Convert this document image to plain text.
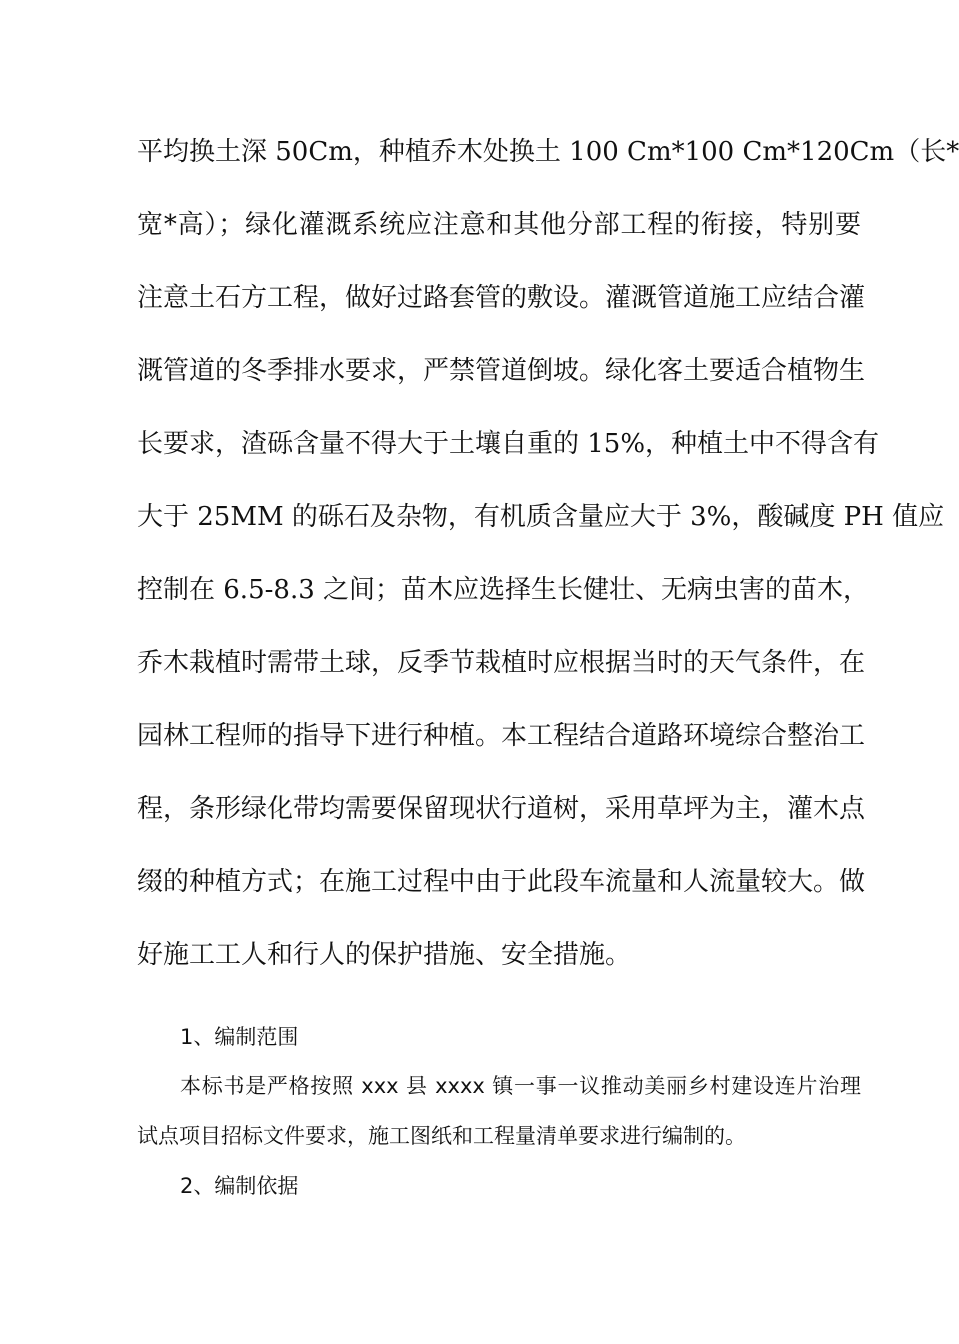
平均换土深 50Cm，种植乔木处换土 100 Cm*100 Cm*120Cm（长*
宽*高）；绿化灌溉系统应注意和其他分部工程的衔接，特别要
注意土石方工程，做好过路套管的敷设。灌溉管道施工应结合灌
溉管道的冬季排水要求，严禁管道倒坡。绿化客土要适合植物生
长要求，渣砾含量不得大于土壤自重的 15%，种植土中不得含有
大于 25MM 的砾石及杂物，有机质含量应大于 3%，酸碱度 PH 值应
控制在 6.5-8.3 之间；苗木应选择生长健壮、无病虫害的苗木，
乔木栽植时需带土球，反季节栽植时应根据当时的天气条件，在
园林工程师的指导下进行种植。本工程结合道路环境综合整治工
程，条形绿化带均需要保留现状行道树，采用草坪为主，灌木点
缀的种植方式；在施工过程中由于此段车流量和人流量较大。做
好施工工人和行人的保护措施、安全措施。
1、编制范围
本标书是严格按照 xxx 县 xxxx 镇一事一议推动美丽乡村建设连片治理
试点项目招标文件要求，施工图纸和工程量清单要求进行编制的。
2、编制依据
